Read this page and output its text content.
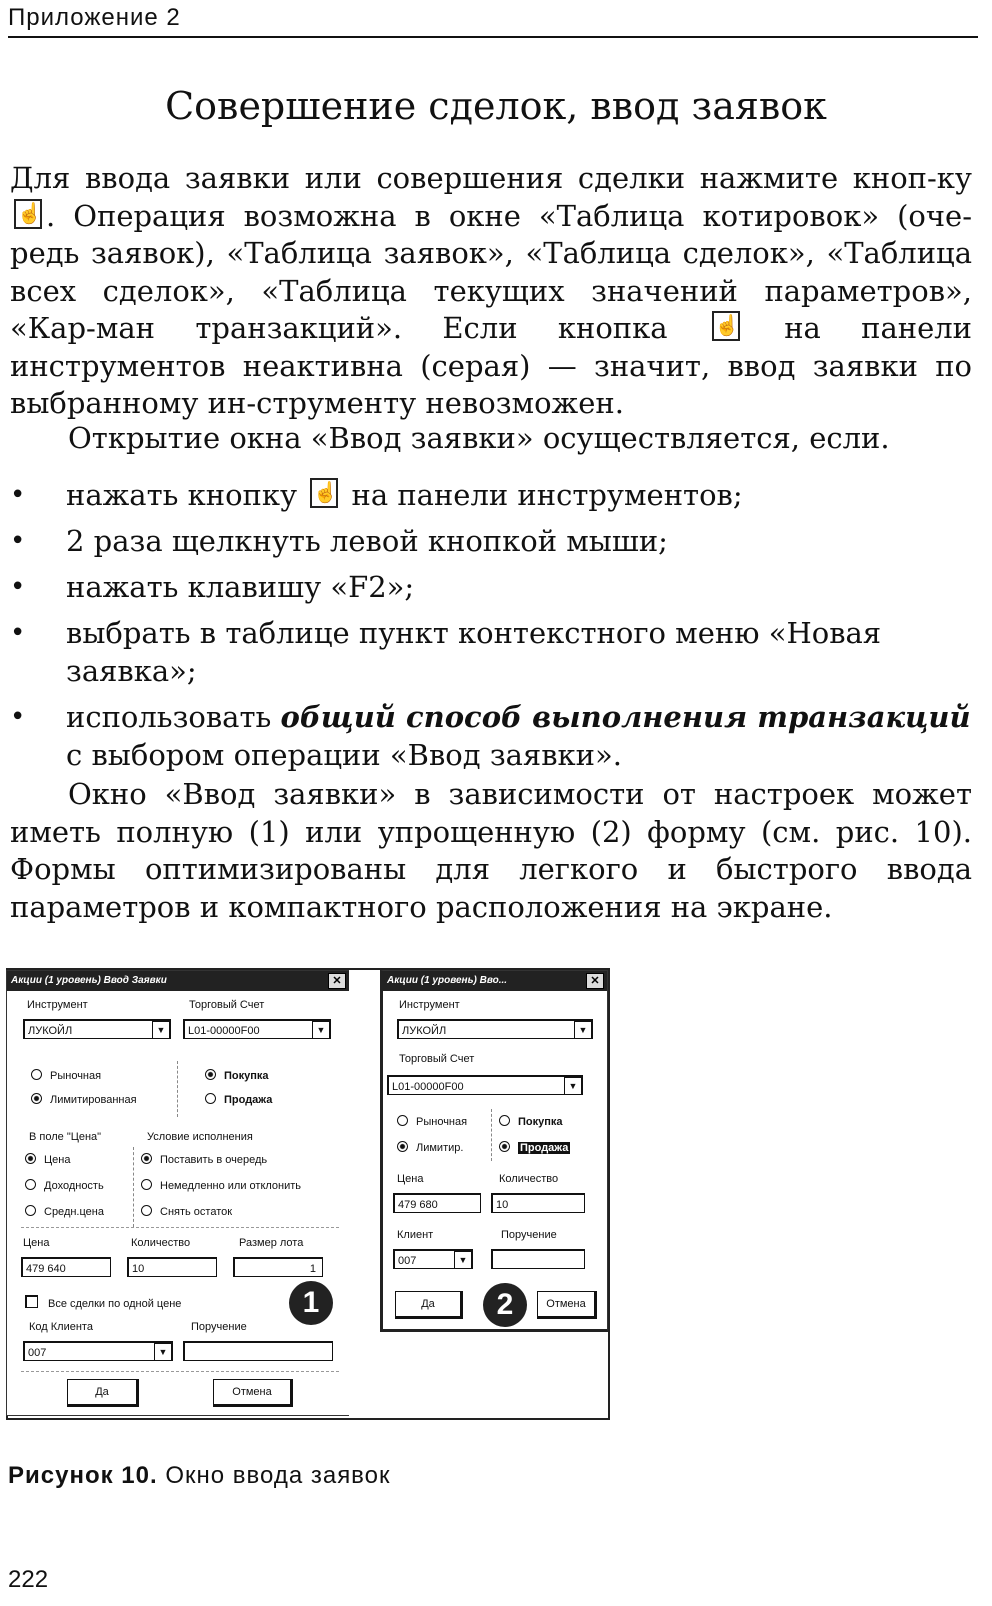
Приложение 2
Совершение сделок, ввод заявок
Для ввода заявки или совершения сделки нажмите кноп-ку ☝. Операция возможна в окне «Таблица котировок» (оче-редь заявок), «Таблица заявок», «Таблица сделок», «Таблица всех сделок», «Таблица текущих значений параметров», «Кар-ман транзакций». Если кнопка ☝	на панели инструментов неактивна (серая) — значит, ввод заявки по выбранному ин-струменту невозможен.
Открытие окна «Ввод заявки» осуществляется, если.
• нажать кнопку ☝ на панели инструментов;
• 2 раза щелкнуть левой кнопкой мыши;
• нажать клавишу «F2»;
• выбрать в таблице пункт контекстного меню «Новая заявка»;
• использовать общий способ выполнения транзакций с выбором операции «Ввод заявки».
Окно «Ввод заявки» в зависимости от настроек может иметь полную (1) или упрощенную (2) форму (см. рис. 10). Формы оптимизированы для легкого и быстрого ввода параметров и компактного расположения на экране.
Акции (1 уровень) Ввод Заявки	✕
Инструмент	Торговый Счет
ЛУКОЙЛ	▼	L01-00000F00	▼
Рыночная
Лимитированная
Покупка
Продажа
В поле "Цена"	Условие исполнения
Цена
Доходность
Средн.цена
Поставить в очередь
Немедленно или отклонить
Снять остаток
Цена	Количество	Размер лота
479 640	10	1
Все сделки по одной цене	1
Код Клиента	Поручение
007	▼
Да	Отмена
Акции (1 уровень) Вво...	✕
Инструмент
ЛУКОЙЛ	▼
Торговый Счет
L01-00000F00	▼
Рыночная
Лимитир.
Покупка
Продажа
Цена	Количество
479 680	10
Клиент	Поручение
007	▼
Да	2	Отмена
Рисунок 10. Окно ввода заявок
222
